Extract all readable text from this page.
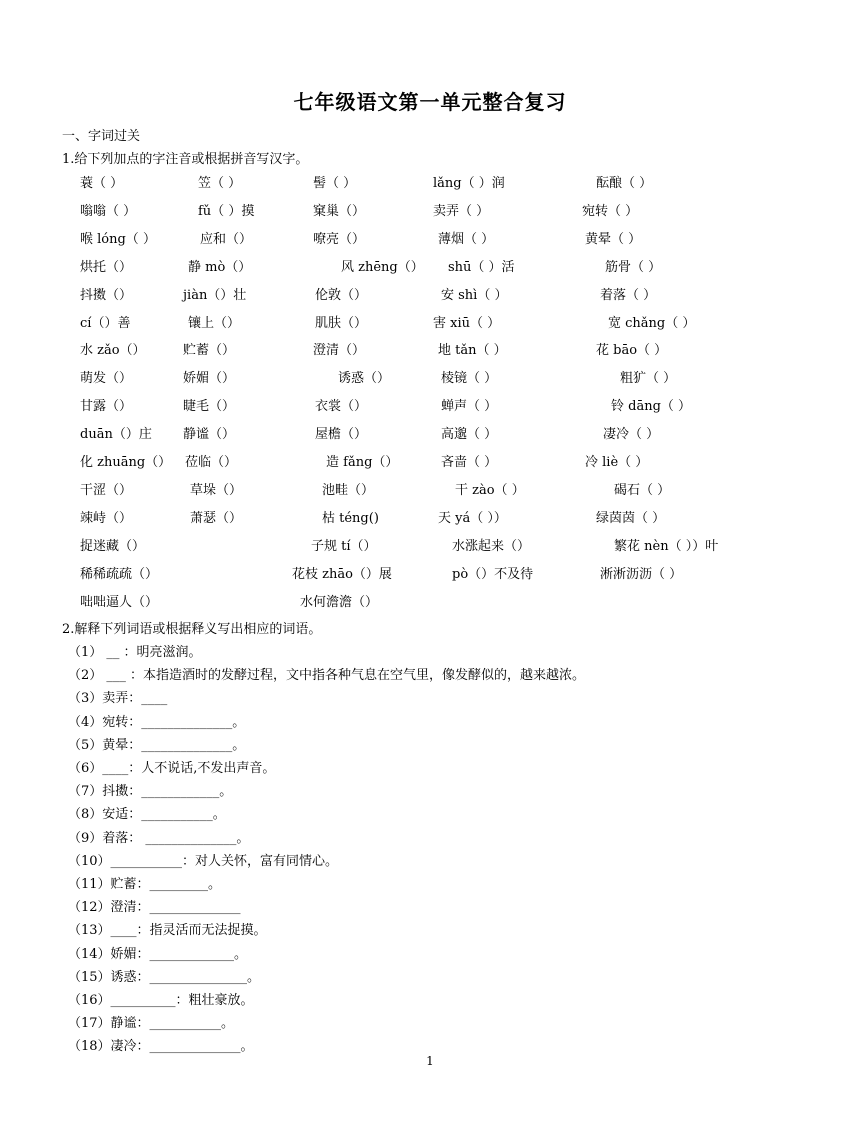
七年级语文第一单元整合复习
一、字词过关
1.给下列加点的字注音或根据拼音写汉字。
蓑（ ）	笠（ ）	髻（ ）	lǎng（ ）润	酝酿（ ）
嗡嗡（ ）	fǔ（ ）摸	窠巢（）	卖弄（ ）	宛转（ ）
喉 lóng（ ）	应和（）	嘹亮（）	薄烟（ ）	黄晕（ ）
烘托（）	静 mò（）	风 zhēng（） shū（ ）活	筋骨（ ）
抖擞（）	jiàn（）壮	伦敦（）	安 shì（ ）	着落（ ）
cí（）善	镶上（）	肌肤（）	害 xiū（ ）	宽 chǎng（ ）
水 zǎo（）	贮蓄（）	澄清（）	地 tǎn（ ）	花 bāo（ ）
萌发（）	娇媚（）	诱惑（）	棱镜（ ）	粗犷（ ）
甘露（）	睫毛（）	衣裳（）	蝉声（ ）	铃 dāng（ ）
duān（）庄 静谧（）	屋檐（）	高邈（ ）	凄冷（ ）
化 zhuāng（） 莅临（）	造 fǎng（）	吝啬（ ）	冷 liè（ ）
干涩（）	草垛（）	池畦（）	干 zào（ ）	碣石（ ）
竦峙（）	萧瑟（）	枯 téng()	天 yá（ ））	绿茵茵（ ）
捉迷藏（）	子规 tí（）	水涨起来（）	繁花 nèn（ ））叶
稀稀疏疏（）	花枝 zhāo（）展	pò（）不及待	淅淅沥沥（ ）
咄咄逼人（）	水何澹澹（）
2.解释下列词语或根据释义写出相应的词语。
（1） __ ：明亮滋润。
（2） ___ ：本指造酒时的发酵过程，文中指各种气息在空气里，像发酵似的，越来越浓。
（3）卖弄：____
（4）宛转：______________。
（5）黄晕：______________。
（6）____：人不说话,不发出声音。
（7）抖擞：____________。
（8）安适：___________。
（9）着落： ______________。
（10）___________：对人关怀，富有同情心。
（11）贮蓄：_________。
（12）澄清：______________
（13）____：指灵活而无法捉摸。
（14）娇媚：_____________。
（15）诱惑：_______________。
（16）__________：粗壮豪放。
（17）静谧：___________。
（18）凄冷：______________。
1
